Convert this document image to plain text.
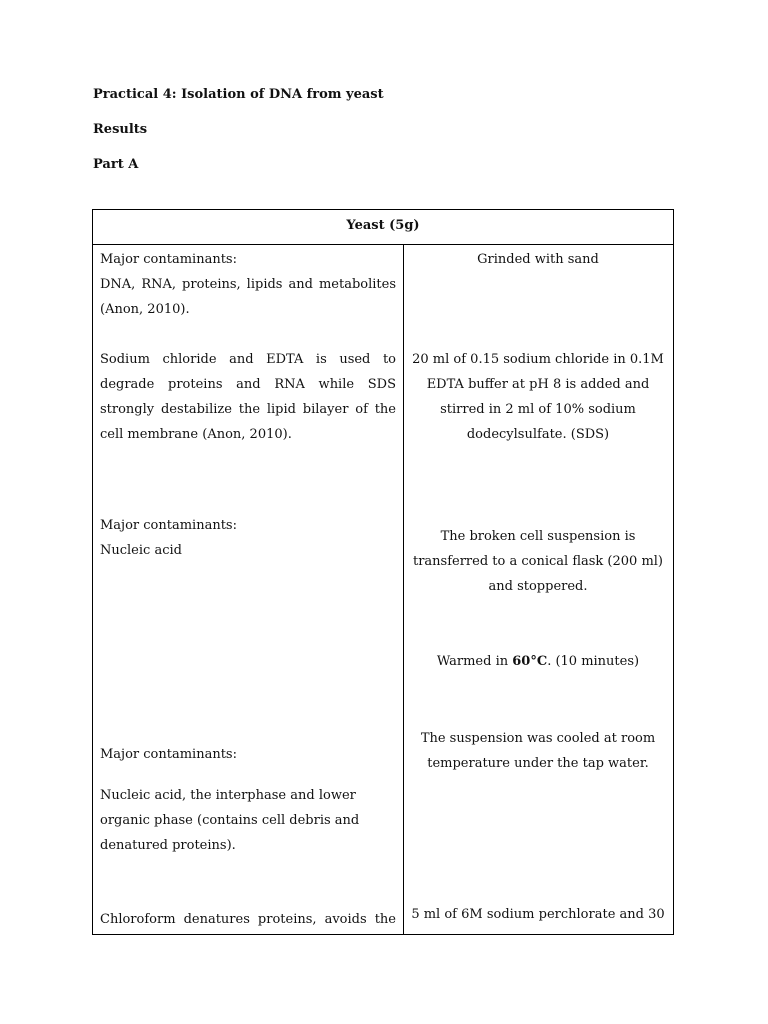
Practical 4: Isolation of DNA from yeast
Results
Part A
Yeast (5g)
Major contaminants:
DNA, RNA, proteins, lipids and metabolites (Anon, 2010).
Sodium chloride and EDTA is used to degrade proteins and RNA while SDS strongly destabilize the lipid bilayer of the cell membrane (Anon, 2010).
Major contaminants:
Nucleic acid
Major contaminants:
Nucleic acid, the interphase and lower organic phase (contains cell debris and denatured proteins).
Chloroform denatures proteins, avoids the
Grinded with sand
20 ml of 0.15 sodium chloride in 0.1M EDTA buffer at pH 8 is added and stirred in 2 ml of 10% sodium dodecylsulfate. (SDS)
The broken cell suspension is transferred to a conical flask (200 ml) and stoppered.
Warmed in 60°C. (10 minutes)
The suspension was cooled at room temperature under the tap water.
5 ml of 6M sodium perchlorate and 30
